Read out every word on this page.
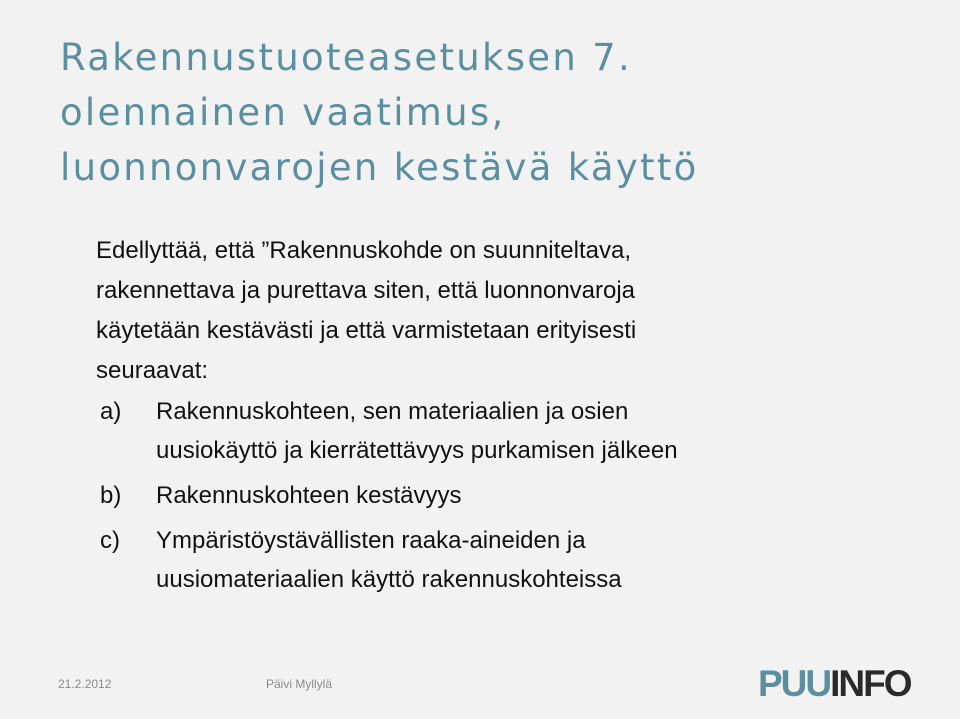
Rakennustuoteasetuksen 7.
olennainen vaatimus,
luonnonvarojen kestävä käyttö

Edellyttää, että ”Rakennuskohde on suunniteltava,
rakennettava ja purettava siten, että luonnonvaroja
käytetään kestävästi ja että varmistetaan erityisesti
seuraavat:

a)	Rakennuskohteen, sen materiaalien ja osien
uusiokäyttö ja kierrätettävyys purkamisen jälkeen
b)	Rakennuskohteen kestävyys
c)	Ympäristöystävällisten raaka-aineiden ja
uusiomateriaalien käyttö rakennuskohteissa
21.2.2012	Päivi Myllylä	PUUINFO
